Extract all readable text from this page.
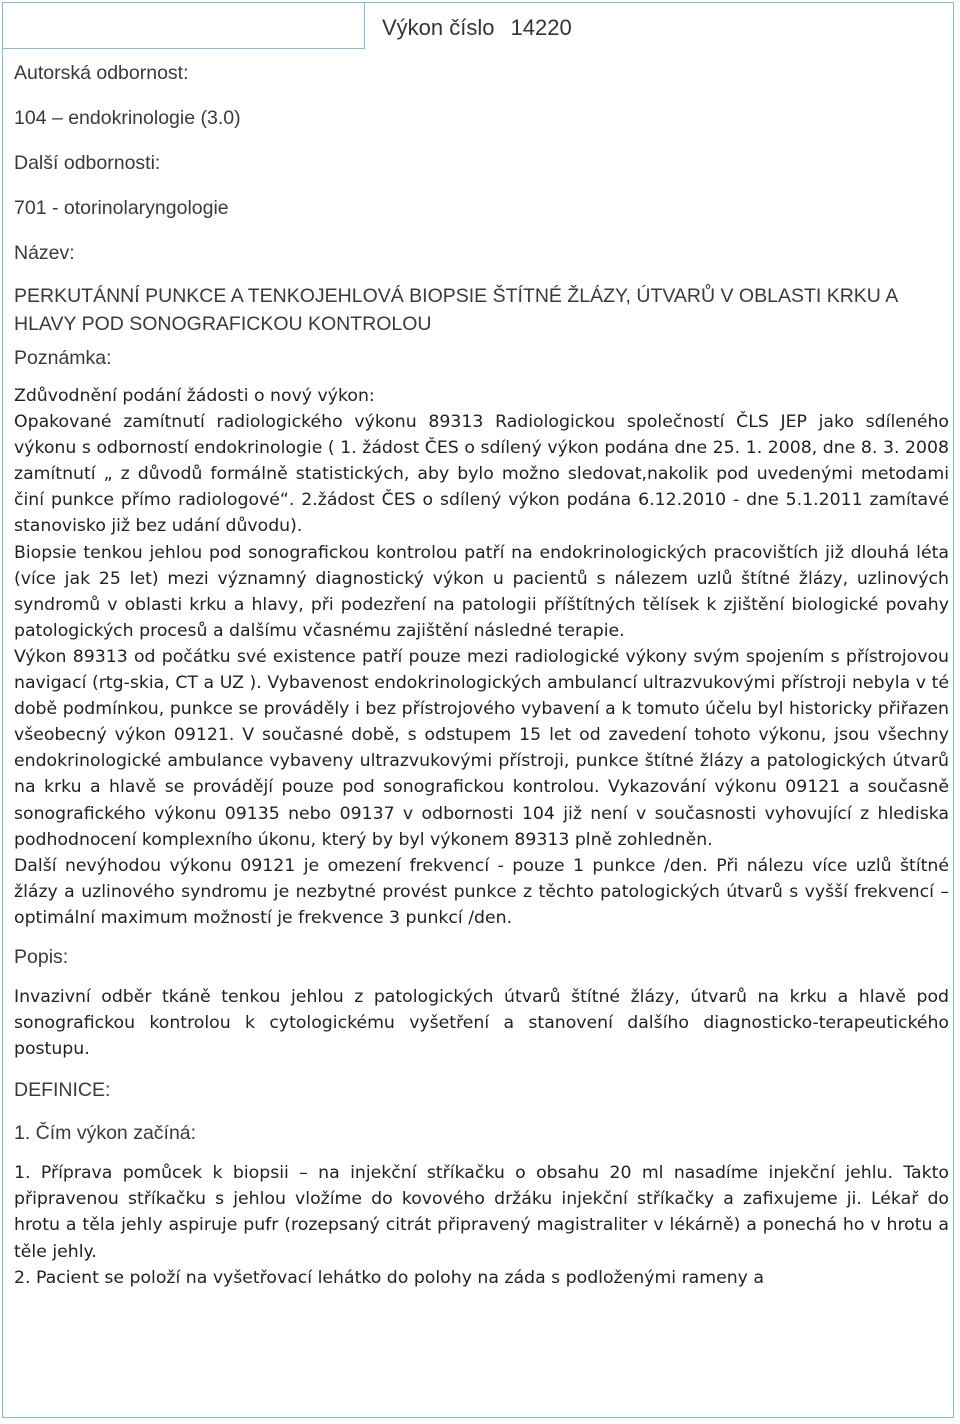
Výkon číslo 14220
Autorská odbornost:
104 – endokrinologie (3.0)
Další odbornosti:
701 - otorinolaryngologie
Název:
PERKUTÁNNÍ PUNKCE A TENKOJEHLOVÁ BIOPSIE ŠTÍTNÉ ŽLÁZY, ÚTVARŮ V OBLASTI KRKU A HLAVY POD SONOGRAFICKOU KONTROLOU
Poznámka:

Zdůvodnění podání žádosti o nový výkon:

Opakované zamítnutí radiologického výkonu 89313 Radiologickou společností ČLS JEP jako sdíleného výkonu s odborností endokrinologie ( 1. žádost ČES o sdílený výkon podána dne 25. 1. 2008, dne 8. 3. 2008 zamítnutí „ z důvodů formálně statistických, aby bylo možno sledovat,nakolik pod uvedenými metodami činí punkce přímo radiologové“. 2.žádost ČES o sdílený výkon podána 6.12.2010 - dne 5.1.2011 zamítavé stanovisko již bez udání důvodu).

Biopsie tenkou jehlou pod sonografickou kontrolou patří na endokrinologických pracovištích již dlouhá léta (více jak 25 let) mezi významný diagnostický výkon u pacientů s nálezem uzlů štítné žlázy, uzlinových syndromů v oblasti krku a hlavy, při podezření na patologii příštítných tělísek k zjištění biologické povahy patologických procesů a dalšímu včasnému zajištění následné terapie.

Výkon 89313 od počátku své existence patří pouze mezi radiologické výkony svým spojením s přístrojovou navigací (rtg-skia, CT a UZ ). Vybavenost endokrinologických ambulancí ultrazvukovými přístroji nebyla v té době podmínkou, punkce se prováděly i bez přístrojového vybavení a k tomuto účelu byl historicky přiřazen všeobecný výkon 09121. V současné době, s odstupem 15 let od zavedení tohoto výkonu, jsou všechny endokrinologické ambulance vybaveny ultrazvukovými přístroji, punkce štítné žlázy a patologických útvarů na krku a hlavě se provádějí pouze pod sonografickou kontrolou. Vykazování výkonu 09121 a současně sonografického výkonu 09135 nebo 09137 v odbornosti 104 již není v současnosti vyhovující z hlediska podhodnocení komplexního úkonu, který by byl výkonem 89313 plně zohledněn.

Další nevýhodou výkonu 09121 je omezení frekvencí - pouze 1 punkce /den. Při nálezu více uzlů štítné žlázy a uzlinového syndromu je nezbytné provést punkce z těchto patologických útvarů s vyšší frekvencí – optimální maximum možností je frekvence 3 punkcí /den.

Popis:

Invazivní odběr tkáně tenkou jehlou z patologických útvarů štítné žlázy, útvarů na krku a hlavě pod sonografickou kontrolou k cytologickému vyšetření a stanovení dalšího diagnosticko-terapeutického postupu.

DEFINICE:
1. Čím výkon začíná:

1. Příprava pomůcek k biopsii – na injekční stříkačku o obsahu 20 ml nasadíme injekční jehlu. Takto připravenou stříkačku s jehlou vložíme do kovového držáku injekční stříkačky a zafixujeme ji. Lékař do hrotu a těla jehly aspiruje pufr (rozepsaný citrát připravený magistraliter v lékárně) a ponechá ho v hrotu a těle jehly.

2. Pacient se položí na vyšetřovací lehátko do polohy na záda s podloženými rameny a
